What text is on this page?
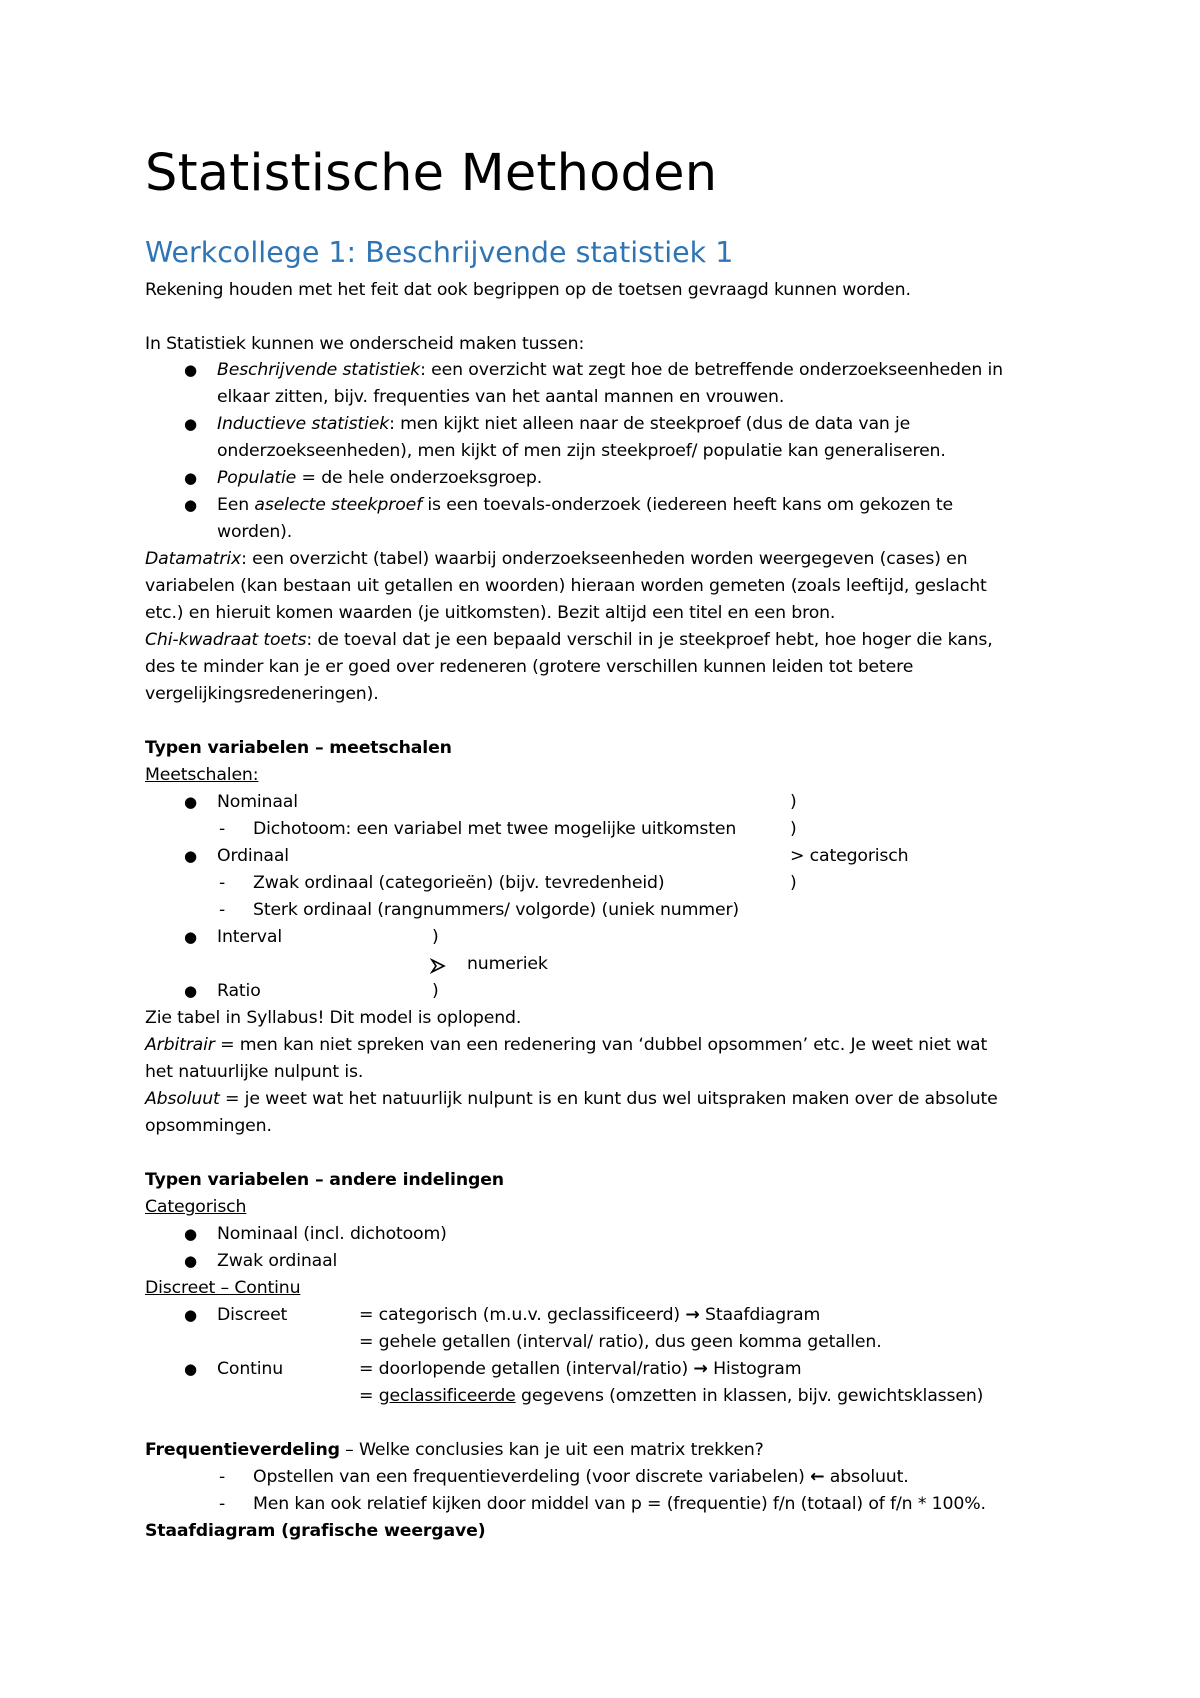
Statistische Methoden
Werkcollege 1: Beschrijvende statistiek 1
Rekening houden met het feit dat ook begrippen op de toetsen gevraagd kunnen worden.
In Statistiek kunnen we onderscheid maken tussen:
● Beschrijvende statistiek: een overzicht wat zegt hoe de betreffende onderzoekseenheden in
elkaar zitten, bijv. frequenties van het aantal mannen en vrouwen.
● Inductieve statistiek: men kijkt niet alleen naar de steekproef (dus de data van je
onderzoekseenheden), men kijkt of men zijn steekproef/ populatie kan generaliseren.
● Populatie = de hele onderzoeksgroep.
● Een aselecte steekproef is een toevals-onderzoek (iedereen heeft kans om gekozen te
worden).
Datamatrix: een overzicht (tabel) waarbij onderzoekseenheden worden weergegeven (cases) en
variabelen (kan bestaan uit getallen en woorden) hieraan worden gemeten (zoals leeftijd, geslacht
etc.) en hieruit komen waarden (je uitkomsten). Bezit altijd een titel en een bron.
Chi-kwadraat toets: de toeval dat je een bepaald verschil in je steekproef hebt, hoe hoger die kans,
des te minder kan je er goed over redeneren (grotere verschillen kunnen leiden tot betere
vergelijkingsredeneringen).
Typen variabelen – meetschalen
Meetschalen:
● Nominaal	)
- Dichotoom: een variabel met twee mogelijke uitkomsten	)
● Ordinaal	> categorisch
- Zwak ordinaal (categorieën) (bijv. tevredenheid)	)
- Sterk ordinaal (rangnummers/ volgorde) (uniek nummer)
● Interval	)
numeriek
● Ratio	)
Zie tabel in Syllabus! Dit model is oplopend.
Arbitrair = men kan niet spreken van een redenering van ‘dubbel opsommen’ etc. Je weet niet wat
het natuurlijke nulpunt is.
Absoluut = je weet wat het natuurlijk nulpunt is en kunt dus wel uitspraken maken over de absolute
opsommingen.
Typen variabelen – andere indelingen
Categorisch
● Nominaal (incl. dichotoom)
● Zwak ordinaal
Discreet – Continu
● Discreet	= categorisch (m.u.v. geclassificeerd) → Staafdiagram
= gehele getallen (interval/ ratio), dus geen komma getallen.
● Continu	= doorlopende getallen (interval/ratio) → Histogram
= geclassificeerde gegevens (omzetten in klassen, bijv. gewichtsklassen)
Frequentieverdeling – Welke conclusies kan je uit een matrix trekken?
- Opstellen van een frequentieverdeling (voor discrete variabelen) ← absoluut.
- Men kan ook relatief kijken door middel van p = (frequentie) f/n (totaal) of f/n * 100%.
Staafdiagram (grafische weergave)
